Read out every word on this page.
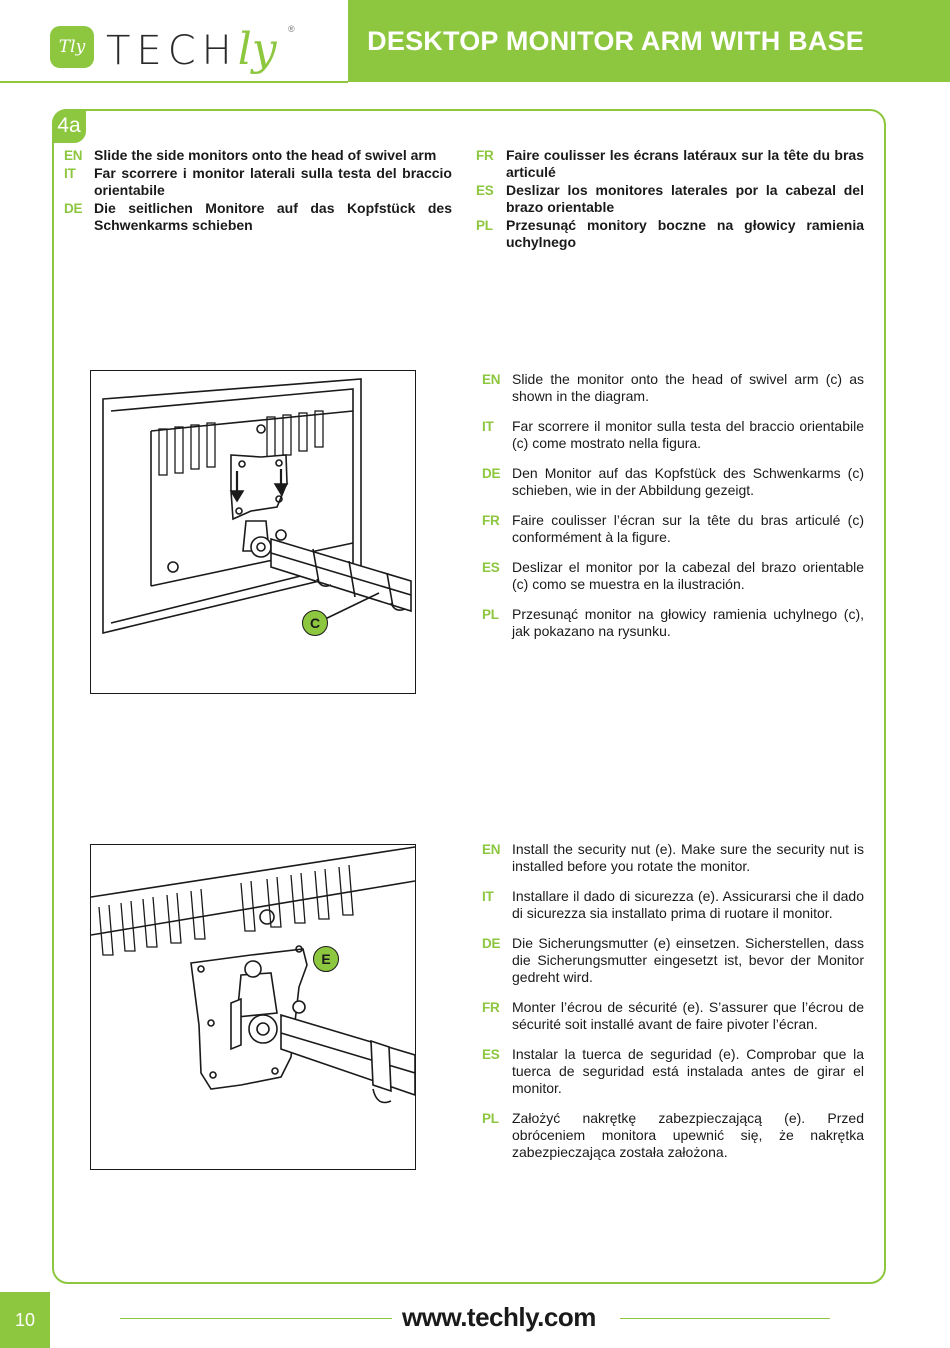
Tly TECHly ®	DESKTOP MONITOR ARM WITH BASE
4a
EN Slide the side monitors onto the head of swivel arm
IT Far scorrere i monitor laterali sulla testa del braccio orientabile
DE Die seitlichen Monitore auf das Kopfstück des Schwenkarms schieben
FR Faire coulisser les écrans latéraux sur la tête du bras articulé
ES Deslizar los monitores laterales por la cabezal del brazo orientable
PL Przesunąć monitory boczne na głowicy ramienia uchylnego
C
EN Slide the monitor onto the head of swivel arm (c) as shown in the diagram.
IT Far scorrere il monitor sulla testa del braccio orientabile (c) come mostrato nella figura.
DE Den Monitor auf das Kopfstück des Schwenkarms (c) schieben, wie in der Abbildung gezeigt.
FR Faire coulisser l’écran sur la tête du bras articulé (c) conformément à la figure.
ES Deslizar el monitor por la cabezal del brazo orientable (c) como se muestra en la ilustración.
PL Przesunąć monitor na głowicy ramienia uchylnego (c), jak pokazano na rysunku.
E
EN Install the security nut (e). Make sure the security nut is installed before you rotate the monitor.
IT Installare il dado di sicurezza (e). Assicurarsi che il dado di sicurezza sia installato prima di ruotare il monitor.
DE Die Sicherungsmutter (e) einsetzen. Sicherstellen, dass die Sicherungsmutter eingesetzt ist, bevor der Monitor gedreht wird.
FR Monter l’écrou de sécurité (e). S’assurer que l’écrou de sécurité soit installé avant de faire pivoter l’écran.
ES Instalar la tuerca de seguridad (e). Comprobar que la tuerca de seguridad está instalada antes de girar el monitor.
PL Założyć nakrętkę zabezpieczającą (e). Przed obróceniem monitora upewnić się, że nakrętka zabezpieczająca została założona.
10	www.techly.com
